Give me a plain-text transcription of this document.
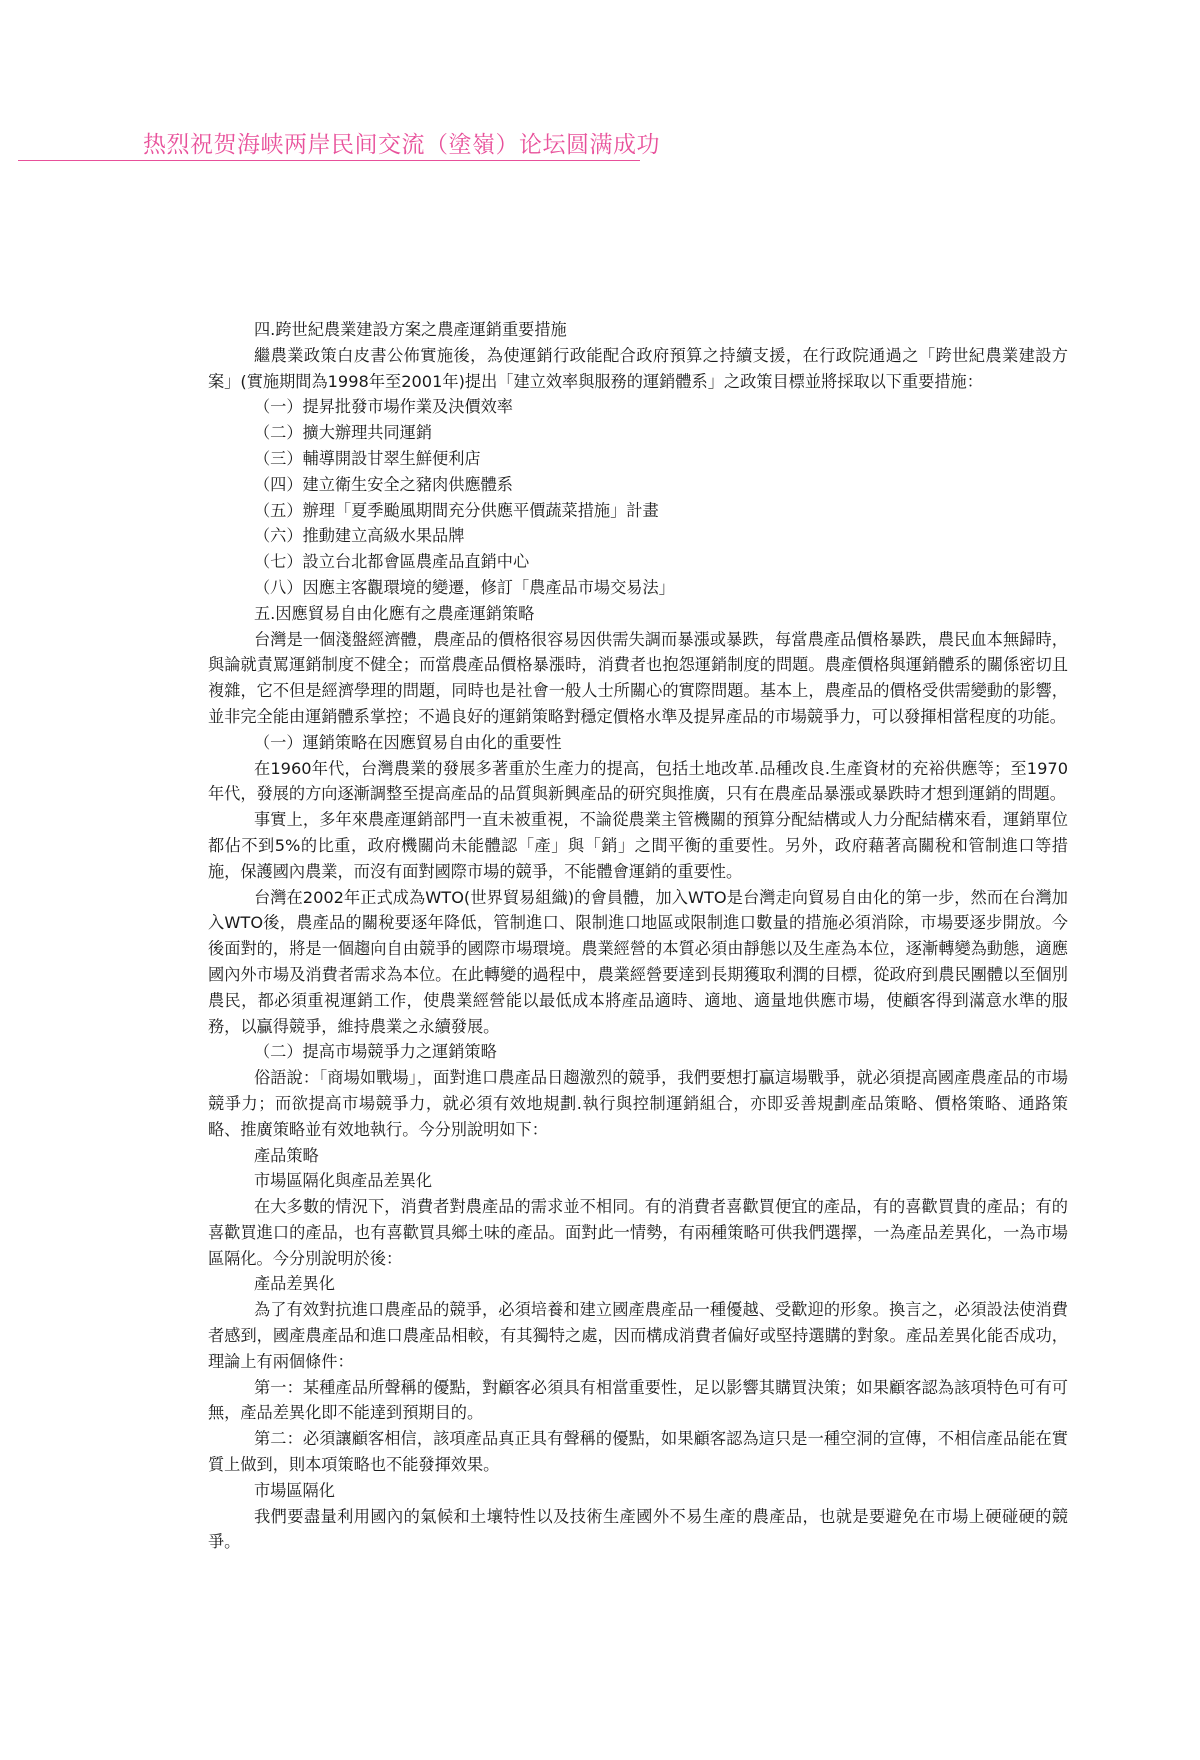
热烈祝贺海峡两岸民间交流（塗嶺）论坛圆满成功

四.跨世紀農業建設方案之農產運銷重要措施

繼農業政策白皮書公佈實施後，為使運銷行政能配合政府預算之持續支援，在行政院通過之「跨世紀農業建設方案」(實施期間為1998年至2001年)提出「建立效率與服務的運銷體系」之政策目標並將採取以下重要措施：

（一）提昇批發市場作業及決價效率

（二）擴大辦理共同運銷

（三）輔導開設甘翠生鮮便利店

（四）建立衛生安全之豬肉供應體系

（五）辦理「夏季颱風期間充分供應平價蔬菜措施」計畫

（六）推動建立高級水果品牌

（七）設立台北都會區農產品直銷中心

（八）因應主客觀環境的變遷，修訂「農產品市場交易法」

五.因應貿易自由化應有之農產運銷策略

台灣是一個淺盤經濟體，農產品的價格很容易因供需失調而暴漲或暴跌，每當農產品價格暴跌，農民血本無歸時，與論就責罵運銷制度不健全；而當農產品價格暴漲時，消費者也抱怨運銷制度的問題。農產價格與運銷體系的關係密切且複雜，它不但是經濟學理的問題，同時也是社會一般人士所關心的實際問題。基本上，農產品的價格受供需變動的影響，並非完全能由運銷體系掌控；不過良好的運銷策略對穩定價格水準及提昇產品的市場競爭力，可以發揮相當程度的功能。

（一）運銷策略在因應貿易自由化的重要性

在1960年代，台灣農業的發展多著重於生產力的提高，包括土地改革.品種改良.生產資材的充裕供應等；至1970年代，發展的方向逐漸調整至提高產品的品質與新興產品的研究與推廣，只有在農產品暴漲或暴跌時才想到運銷的問題。

事實上，多年來農產運銷部門一直未被重視，不論從農業主管機關的預算分配結構或人力分配結構來看，運銷單位都佔不到5%的比重，政府機關尚未能體認「產」與「銷」之間平衡的重要性。另外，政府藉著高關稅和管制進口等措施，保護國內農業，而沒有面對國際市場的競爭，不能體會運銷的重要性。

台灣在2002年正式成為WTO(世界貿易組織)的會員體，加入WTO是台灣走向貿易自由化的第一步，然而在台灣加入WTO後，農產品的關稅要逐年降低，管制進口、限制進口地區或限制進口數量的措施必須消除，市場要逐步開放。今後面對的，將是一個趨向自由競爭的國際市場環境。農業經營的本質必須由靜態以及生產為本位，逐漸轉變為動態，適應國內外市場及消費者需求為本位。在此轉變的過程中，農業經營要達到長期獲取利潤的目標，從政府到農民團體以至個別農民，都必須重視運銷工作，使農業經營能以最低成本將產品適時、適地、適量地供應市場，使顧客得到滿意水準的服務，以贏得競爭，維持農業之永續發展。

（二）提高市場競爭力之運銷策略

俗語說：「商場如戰場」，面對進口農產品日趨激烈的競爭，我們要想打贏這場戰爭，就必須提高國產農產品的市場競爭力；而欲提高市場競爭力，就必須有效地規劃.執行與控制運銷組合，亦即妥善規劃產品策略、價格策略、通路策略、推廣策略並有效地執行。今分別說明如下：

產品策略

市場區隔化與產品差異化

在大多數的情況下，消費者對農產品的需求並不相同。有的消費者喜歡買便宜的產品，有的喜歡買貴的產品；有的喜歡買進口的產品，也有喜歡買具鄉土味的產品。面對此一情勢，有兩種策略可供我們選擇，一為產品差異化，一為市場區隔化。今分別說明於後：

產品差異化

為了有效對抗進口農產品的競爭，必須培養和建立國產農產品一種優越、受歡迎的形象。換言之，必須設法使消費者感到，國產農產品和進口農產品相較，有其獨特之處，因而構成消費者偏好或堅持選購的對象。產品差異化能否成功，理論上有兩個條件：

第一：某種產品所聲稱的優點，對顧客必須具有相當重要性，足以影響其購買決策；如果顧客認為該項特色可有可無，產品差異化即不能達到預期目的。

第二：必須讓顧客相信，該項產品真正具有聲稱的優點，如果顧客認為這只是一種空洞的宣傳，不相信產品能在實質上做到，則本項策略也不能發揮效果。

市場區隔化

我們要盡量利用國內的氣候和土壤特性以及技術生產國外不易生產的農產品，也就是要避免在市場上硬碰硬的競爭。
